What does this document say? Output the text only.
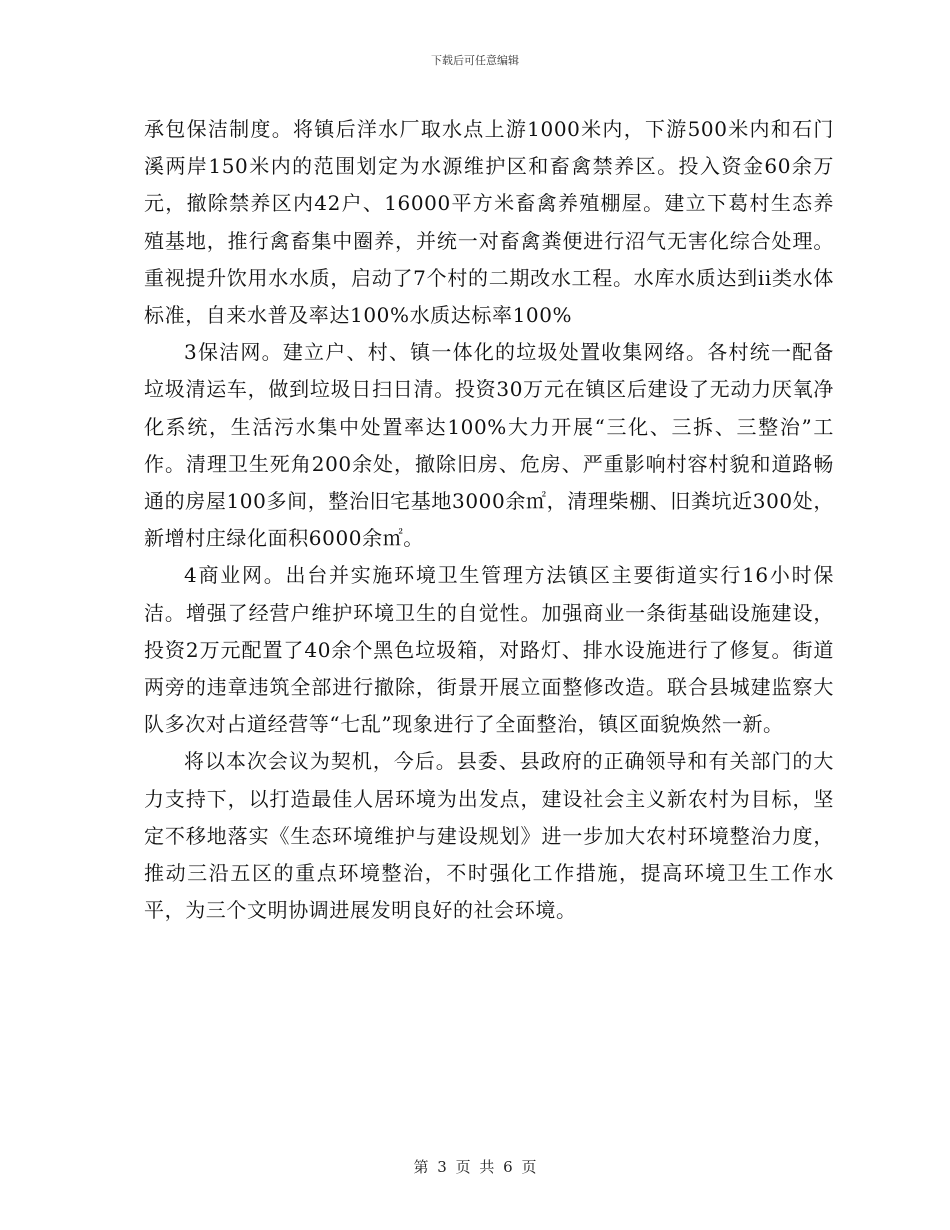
下载后可任意编辑

承包保洁制度。将镇后洋水厂取水点上游1000米内，下游500米内和石门溪两岸150米内的范围划定为水源维护区和畜禽禁养区。投入资金60余万元，撤除禁养区内42户、16000平方米畜禽养殖棚屋。建立下葛村生态养殖基地，推行禽畜集中圈养，并统一对畜禽粪便进行沼气无害化综合处理。重视提升饮用水水质，启动了7个村的二期改水工程。水库水质达到ii类水体标准，自来水普及率达100%水质达标率100%

3保洁网。建立户、村、镇一体化的垃圾处置收集网络。各村统一配备垃圾清运车，做到垃圾日扫日清。投资30万元在镇区后建设了无动力厌氧净化系统，生活污水集中处置率达100%大力开展“三化、三拆、三整治”工作。清理卫生死角200余处，撤除旧房、危房、严重影响村容村貌和道路畅通的房屋100多间，整治旧宅基地3000余㎡，清理柴棚、旧粪坑近300处，新增村庄绿化面积6000余㎡。

4商业网。出台并实施环境卫生管理方法镇区主要街道实行16小时保洁。增强了经营户维护环境卫生的自觉性。加强商业一条街基础设施建设，投资2万元配置了40余个黑色垃圾箱，对路灯、排水设施进行了修复。街道两旁的违章违筑全部进行撤除，街景开展立面整修改造。联合县城建监察大队多次对占道经营等“七乱”现象进行了全面整治，镇区面貌焕然一新。

将以本次会议为契机，今后。县委、县政府的正确领导和有关部门的大力支持下，以打造最佳人居环境为出发点，建设社会主义新农村为目标，坚定不移地落实《生态环境维护与建设规划》进一步加大农村环境整治力度，推动三沿五区的重点环境整治，不时强化工作措施，提高环境卫生工作水平，为三个文明协调进展发明良好的社会环境。

第 3 页 共 6 页
